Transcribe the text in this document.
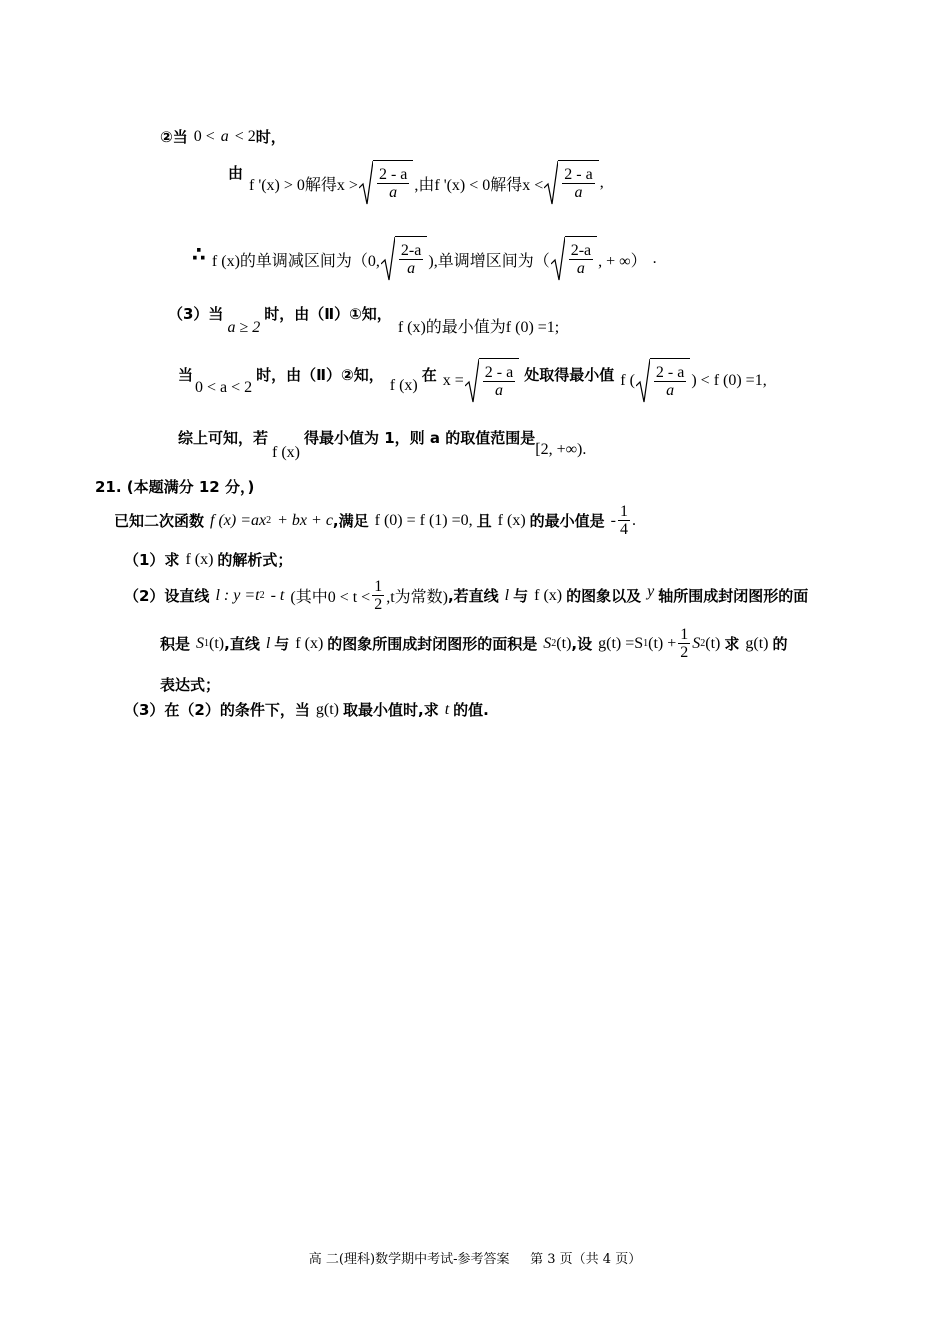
② 当 0 < a < 2 时，
由
f '(x) > 0解得$x > \frac{2 - a}{a}$ ,由f '(x) < 0解得$x < \frac{2 - a}{a}$ ,
∴ f (x)的单调减区间为（0, $\frac{2-a}{a}$ ),单调增区间为（ $\frac{2-a}{a}$ , + ∞） .
（3）当
a ≥ 2
时，由（Ⅱ）①知，
f (x)的最小值为f (0) =1;
当
0 < a < 2
时，由（Ⅱ）②知，
f (x)
在 $x = \frac{2 - a}{a}$ 处取得最小值 f ( $\frac{2 - a}{a}$ ) < f (0) =1,
综上可知，若
f (x)
得最小值为 1，则 a 的取值范围是
[2, +∞).
21. (本题满分 12 分，)
已知二次函数 f (x) =ax 2 + bx + c ,满足 f (0) = f (1) =0, 且 f (x) 的最小值是 - $\frac{1}{4}$ .
（1）求 f (x) 的解析式；
（2）设直线 l : y =t 2 - t (其中$0 < t < \frac{1}{2} ,t$为常数) ,若直线 l 与 f (x) 的图象以及 y 轴所围成封闭图形的面
积是 S 1 (t) ,直线 l 与 f (x) 的图象所围成封闭图形的面积是 S 2 (t) ,设 g(t) =S 1 $(t) + \frac{1}{2}$ S 2 (t) 求 g(t) 的
表达式；
（3）在（2）的条件下，当 g(t) 取最小值时,求 t 的值.
高 二(理科)数学期中考试-参考答案     第 3 页（共 4 页）
